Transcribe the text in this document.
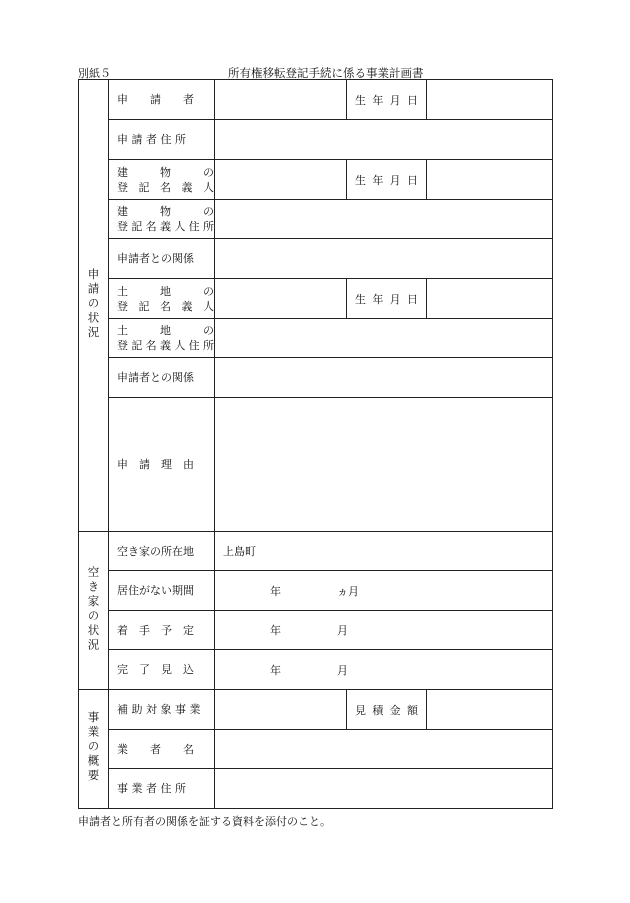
別紙５	所有権移転登記手続に係る事業計画書
申請の状況	申　　請　　者		生 年 月 日	
	申 請 者 住 所			

	建　　物　　の
登 記 名 義 人		生 年 月 日	

	建　　物　　の
登記名義人住所			

	申請者との関係			

	土　　地　　の
登 記 名 義 人		生 年 月 日	

	土　　地　　の
登記名義人住所			

	申請者との関係			
	申　請　理　由			
空き家の状況	空き家の所在地	上島町		
	居住がない期間	年 ヵ月		
	着　手　予　定	年 月		
	完　了　見　込	年 月		
事業の概要	補 助 対 象 事 業		見 積 金 額	
	業　　者　　名			
	事 業 者 住 所			
申請者と所有者の関係を証する資料を添付のこと。
